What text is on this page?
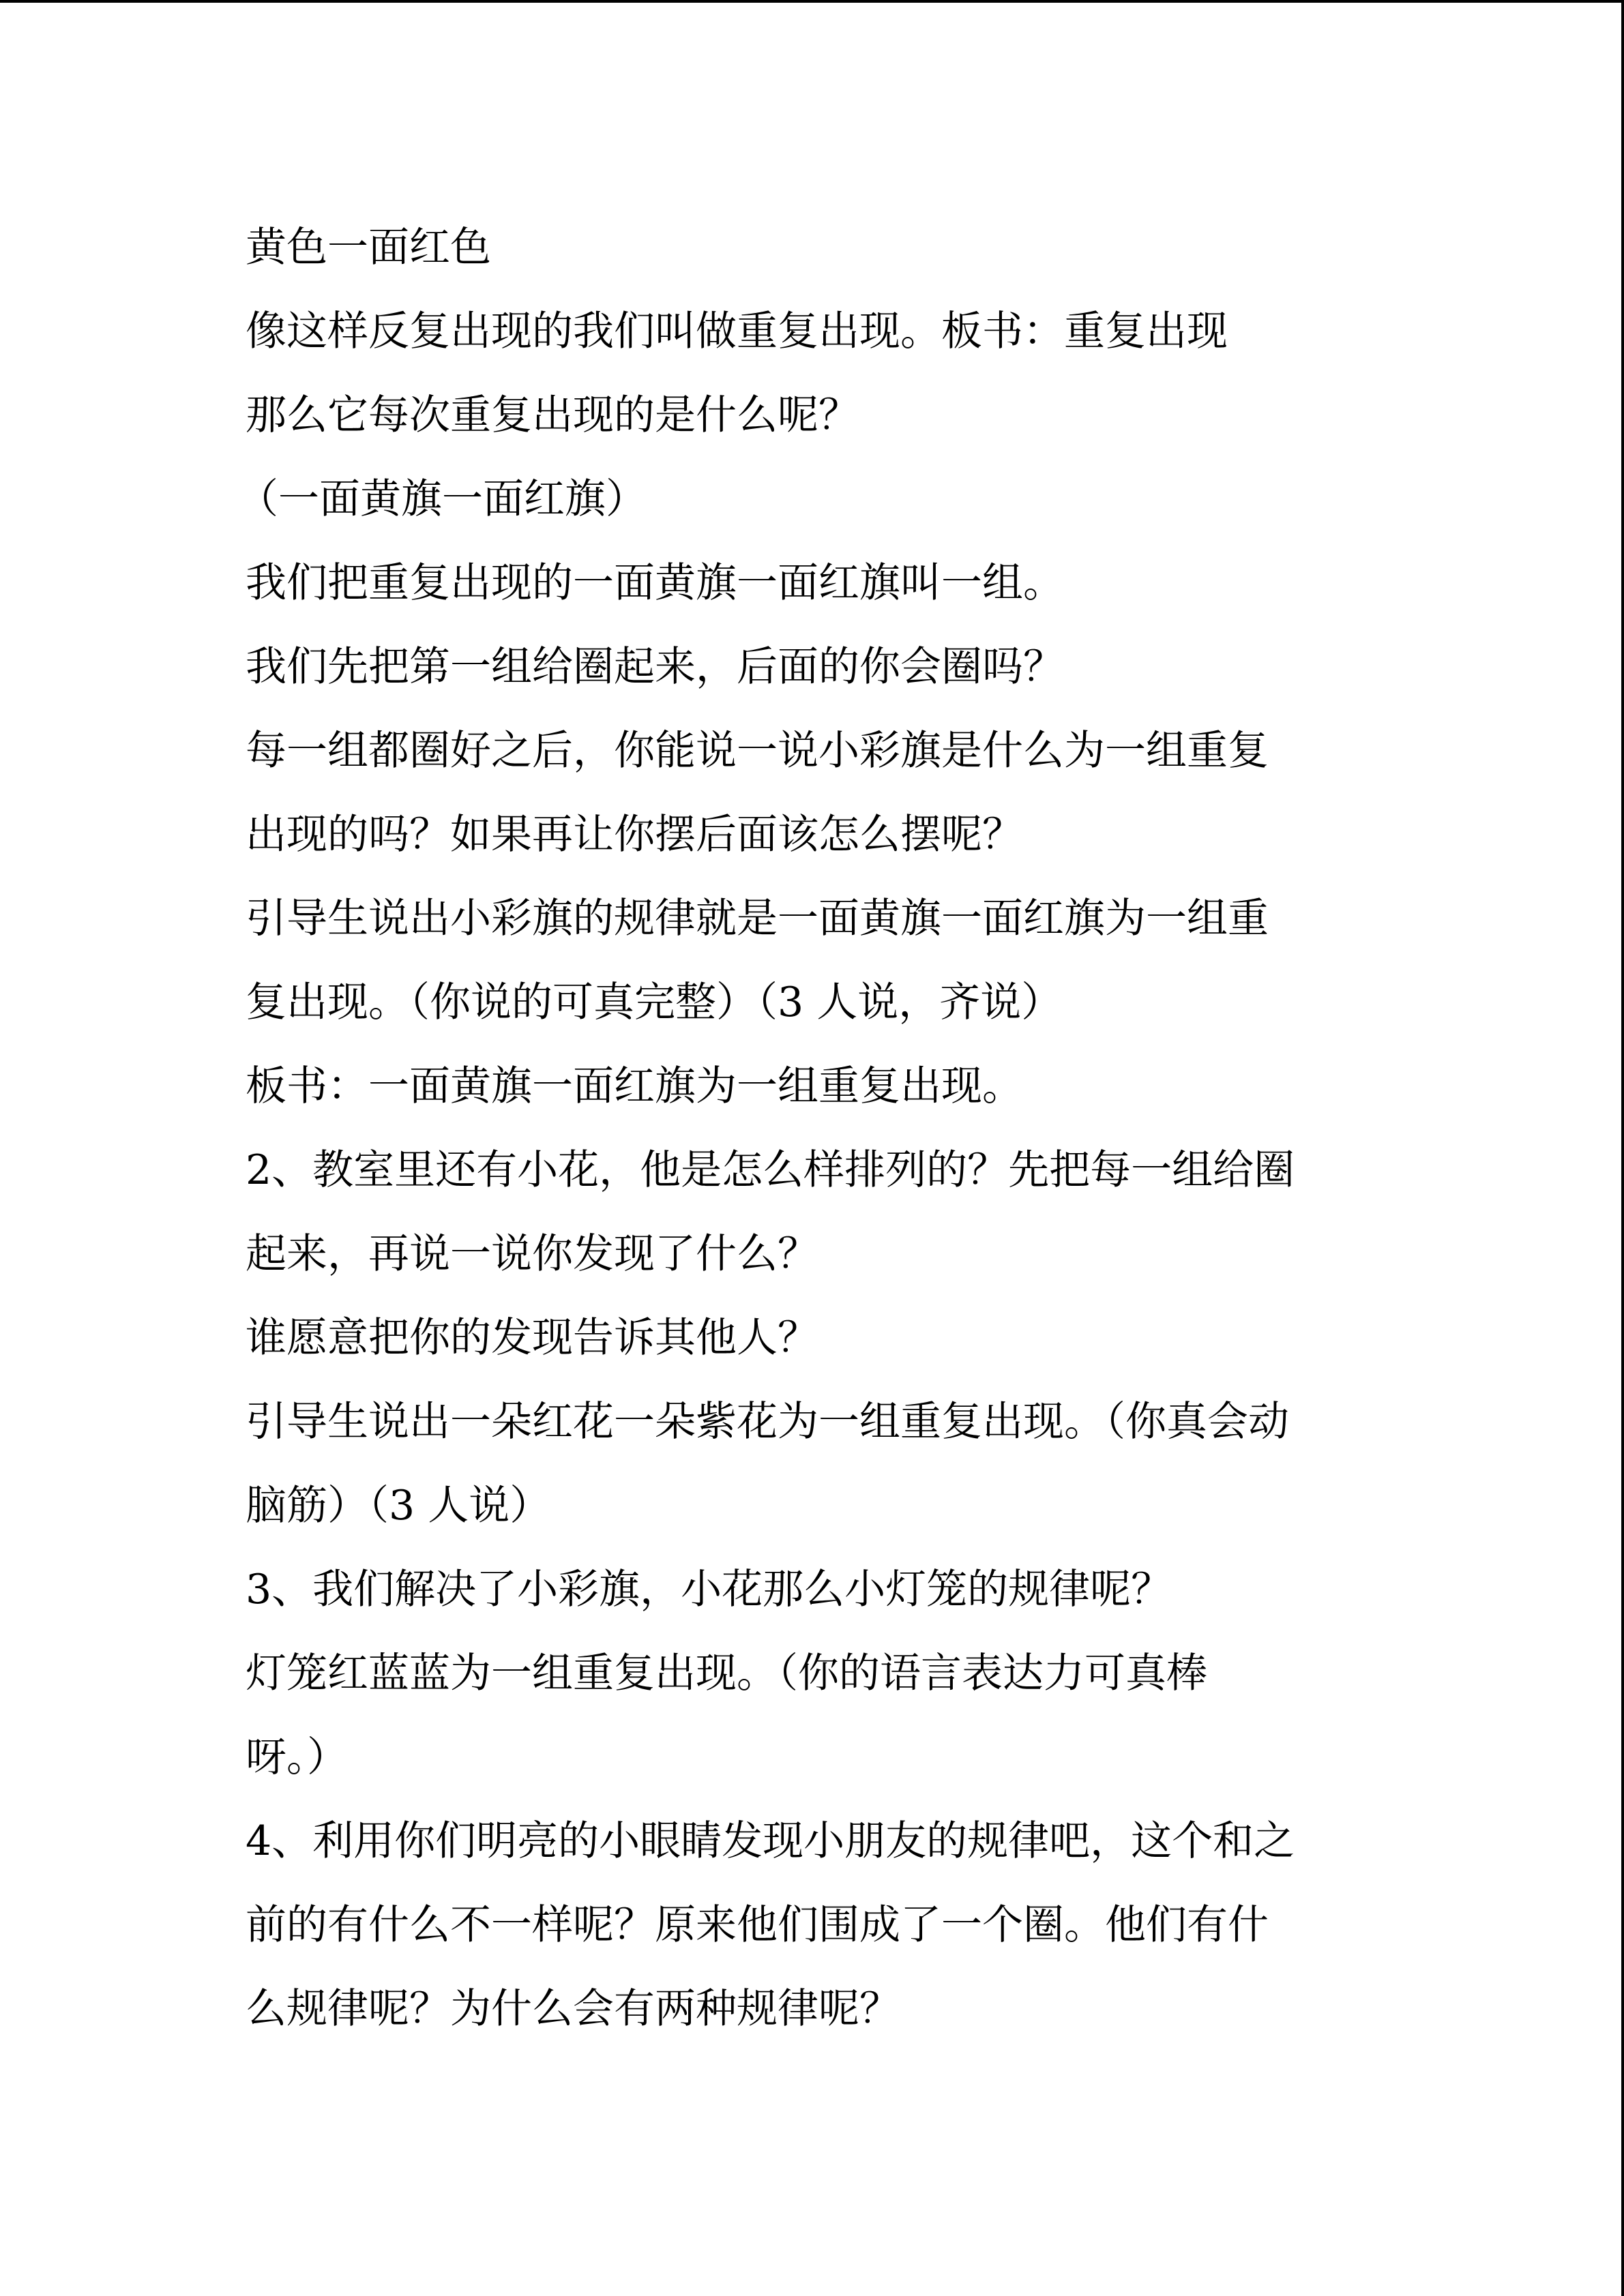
黄色一面红色
像这样反复出现的我们叫做重复出现。板书：重复出现
那么它每次重复出现的是什么呢？
（一面黄旗一面红旗）
我们把重复出现的一面黄旗一面红旗叫一组。
我们先把第一组给圈起来，后面的你会圈吗？
每一组都圈好之后，你能说一说小彩旗是什么为一组重复
出现的吗？如果再让你摆后面该怎么摆呢？
引导生说出小彩旗的规律就是一面黄旗一面红旗为一组重
复出现。（你说的可真完整）（3 人说，齐说）
板书：一面黄旗一面红旗为一组重复出现。
2、教室里还有小花，他是怎么样排列的？先把每一组给圈
起来，再说一说你发现了什么？
谁愿意把你的发现告诉其他人？
引导生说出一朵红花一朵紫花为一组重复出现。（你真会动
脑筋）（3 人说）
3、我们解决了小彩旗，小花那么小灯笼的规律呢？
灯笼红蓝蓝为一组重复出现。（你的语言表达力可真棒
呀。）
4、利用你们明亮的小眼睛发现小朋友的规律吧，这个和之
前的有什么不一样呢？原来他们围成了一个圈。他们有什
么规律呢？为什么会有两种规律呢？
